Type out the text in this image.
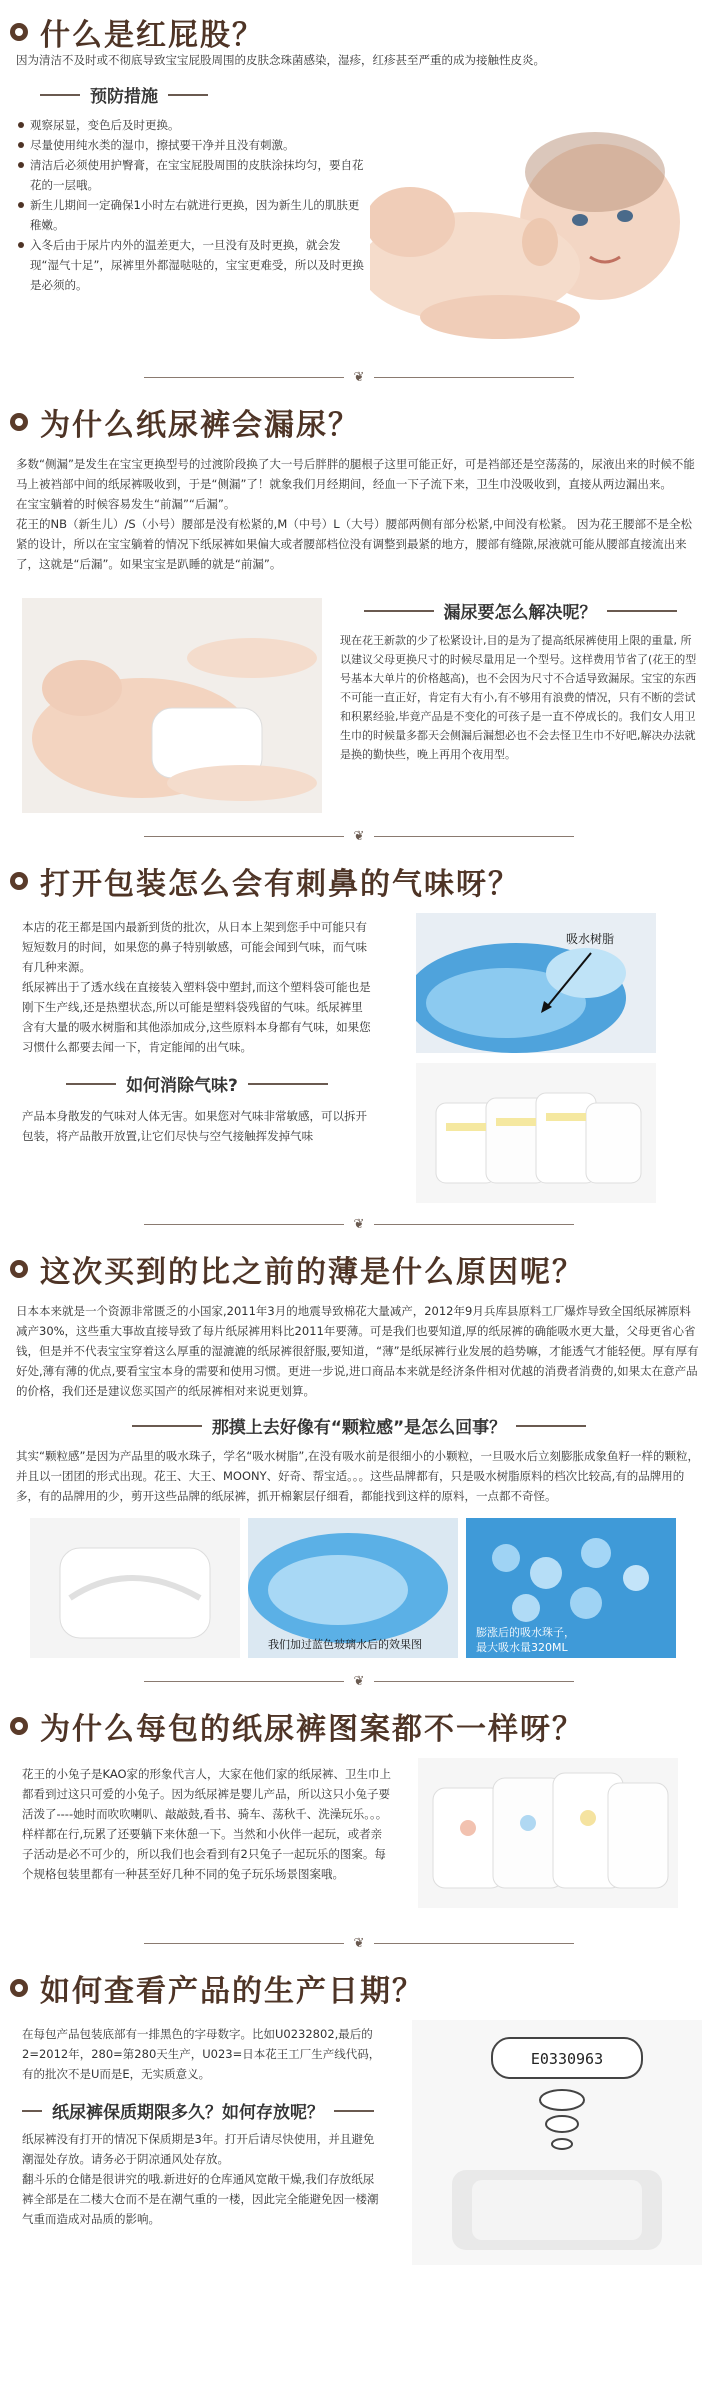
什么是红屁股？

因为清洁不及时或不彻底导致宝宝屁股周围的皮肤念珠菌感染，湿疹，红疹甚至严重的成为接触性皮炎。

预防措施
观察尿显，变色后及时更换。
尽量使用纯水类的湿巾，擦拭要干净并且没有刺激。
清洁后必须使用护臀膏，在宝宝屁股周围的皮肤涂抹均匀，要自花花的一层哦。
新生儿期间一定确保1小时左右就进行更换，因为新生儿的肌肤更稚嫩。
入冬后由于尿片内外的温差更大，一旦没有及时更换，就会发现“湿气十足”，尿裤里外都湿哒哒的，宝宝更难受，所以及时更换是必须的。
❦
为什么纸尿裤会漏尿？

多数“侧漏”是发生在宝宝更换型号的过渡阶段换了大一号后胖胖的腿根子这里可能正好，可是裆部还是空荡荡的，尿液出来的时候不能马上被裆部中间的纸尿裤吸收到，于是“侧漏”了！就象我们月经期间，经血一下子流下来，卫生巾没吸收到，直接从两边漏出来。

在宝宝躺着的时候容易发生“前漏”“后漏”。

花王的NB（新生儿）/S（小号）腰部是没有松紧的,M（中号）L（大号）腰部两侧有部分松紧,中间没有松紧。 因为花王腰部不是全松紧的设计，所以在宝宝躺着的情况下纸尿裤如果偏大或者腰部档位没有调整到最紧的地方，腰部有缝隙,尿液就可能从腰部直接流出来了，这就是“后漏”。如果宝宝是趴睡的就是“前漏”。

漏尿要怎么解决呢？

现在花王新款的少了松紧设计,目的是为了提高纸尿裤使用上限的重量, 所以建议父母更换尺寸的时候尽量用足一个型号。这样费用节省了(花王的型号基本大单片的价格越高)，也不会因为尺寸不合适导致漏尿。宝宝的东西不可能一直正好，肯定有大有小,有不够用有浪费的情况，只有不断的尝试和积累经验,毕竟产品是不变化的可孩子是一直不停成长的。我们女人用卫生巾的时候量多都天会侧漏后漏想必也不会去怪卫生巾不好吧,解决办法就是换的勤快些，晚上再用个夜用型。

❦
打开包装怎么会有刺鼻的气味呀？

本店的花王都是国内最新到货的批次，从日本上架到您手中可能只有短短数月的时间，如果您的鼻子特别敏感，可能会闻到气味，而气味有几种来源。

纸尿裤出于了透水线在直接装入塑料袋中塑封,而这个塑料袋可能也是刚下生产线,还是热塑状态,所以可能是塑料袋残留的气味。纸尿裤里含有大量的吸水树脂和其他添加成分,这些原料本身都有气味，如果您习惯什么都要去闻一下，肯定能闻的出气味。

如何消除气味?

产品本身散发的气味对人体无害。如果您对气味非常敏感，可以拆开包装，将产品散开放置,让它们尽快与空气接触挥发掉气味

吸水树脂
❦
这次买到的比之前的薄是什么原因呢？

日本本来就是一个资源非常匮乏的小国家,2011年3月的地震导致棉花大量减产，2012年9月兵库县原料工厂爆炸导致全国纸尿裤原料减产30%，这些重大事故直接导致了每片纸尿裤用料比2011年要薄。可是我们也要知道,厚的纸尿裤的确能吸水更大量，父母更省心省钱，但是并不代表宝宝穿着这么厚重的湿漉漉的纸尿裤很舒服,要知道，“薄”是纸尿裤行业发展的趋势嘛，才能透气才能轻便。厚有厚有好处,薄有薄的优点,要看宝宝本身的需要和使用习惯。更进一步说,进口商品本来就是经济条件相对优越的消费者消费的,如果太在意产品的价格，我们还是建议您买国产的纸尿裤相对来说更划算。

那摸上去好像有“颗粒感”是怎么回事？

其实“颗粒感”是因为产品里的吸水珠子，学名“吸水树脂”,在没有吸水前是很细小的小颗粒，一旦吸水后立刻膨胀成象鱼籽一样的颗粒，并且以一团团的形式出现。花王、大王、MOONY、好奇、帮宝适。。。这些品牌都有，只是吸水树脂原料的档次比较高,有的品牌用的多，有的品牌用的少，剪开这些品牌的纸尿裤，抓开棉絮层仔细看，都能找到这样的原料，一点都不奇怪。

我们加过蓝色玻璃水后的效果图
膨涨后的吸水珠子，
最大吸水量320ML
❦
为什么每包的纸尿裤图案都不一样呀？

花王的小兔子是KAO家的形象代言人，大家在他们家的纸尿裤、卫生巾上都看到过这只可爱的小兔子。因为纸尿裤是婴儿产品，所以这只小兔子要活泼了----她时而吹吹喇叭、敲敲鼓,看书、骑车、荡秋千、洗澡玩乐。。。样样都在行,玩累了还要躺下来休憩一下。当然和小伙伴一起玩，或者亲子活动是必不可少的，所以我们也会看到有2只兔子一起玩乐的图案。每个规格包装里都有一种甚至好几种不同的兔子玩乐场景图案哦。

❦
如何查看产品的生产日期？

在每包产品包装底部有一排黑色的字母数字。比如U0232802,最后的2=2012年，280=第280天生产，U023=日本花王工厂生产线代码，有的批次不是U而是E，无实质意义。

纸尿裤保质期限多久？如何存放呢？

纸尿裤没有打开的情况下保质期是3年。打开后请尽快使用，并且避免潮湿处存放。请务必于阴凉通风处存放。

翻斗乐的仓储是很讲究的哦.新进好的仓库通风宽敞干燥,我们存放纸尿裤全部是在二楼大仓而不是在潮气重的一楼，因此完全能避免因一楼潮气重而造成对品质的影响。

E0330963
